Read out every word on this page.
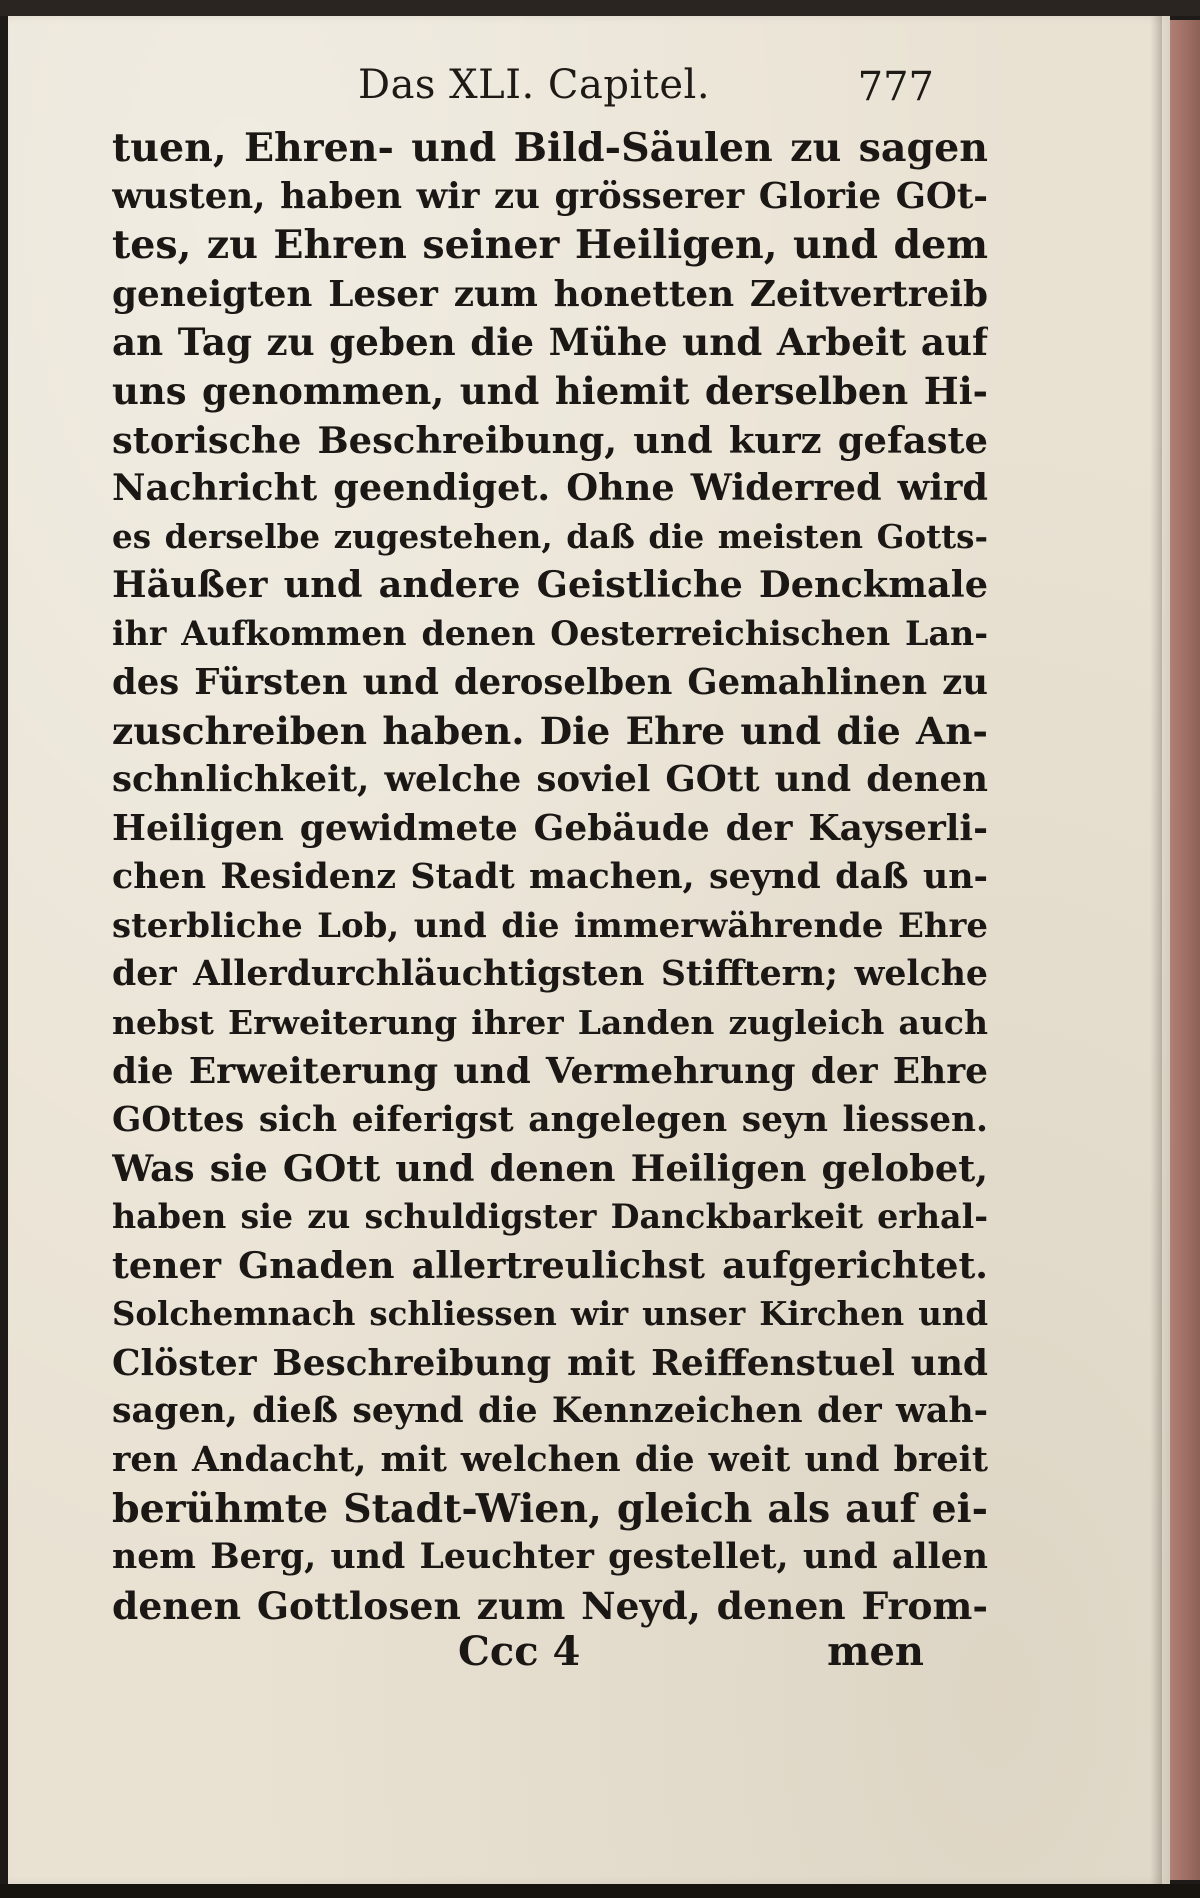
Das XLI. Capitel.	777
tuen, Ehren- und Bild-Säulen zu sagen
wusten, haben wir zu grösserer Glorie GOt-
tes, zu Ehren seiner Heiligen, und dem
geneigten Leser zum honetten Zeitvertreib
an Tag zu geben die Mühe und Arbeit auf
uns genommen, und hiemit derselben Hi-
storische Beschreibung, und kurz gefaste
Nachricht geendiget. Ohne Widerred wird
es derselbe zugestehen, daß die meisten Gotts-
Häußer und andere Geistliche Denckmale
ihr Aufkommen denen Oesterreichischen Lan-
des Fürsten und deroselben Gemahlinen zu
zuschreiben haben. Die Ehre und die An-
schnlichkeit, welche soviel GOtt und denen
Heiligen gewidmete Gebäude der Kayserli-
chen Residenz Stadt machen, seynd daß un-
sterbliche Lob, und die immerwährende Ehre
der Allerdurchläuchtigsten Stifftern; welche
nebst Erweiterung ihrer Landen zugleich auch
die Erweiterung und Vermehrung der Ehre
GOttes sich eiferigst angelegen seyn liessen.
Was sie GOtt und denen Heiligen gelobet,
haben sie zu schuldigster Danckbarkeit erhal-
tener Gnaden allertreulichst aufgerichtet.
Solchemnach schliessen wir unser Kirchen und
Clöster Beschreibung mit Reiffenstuel und
sagen, dieß seynd die Kennzeichen der wah-
ren Andacht, mit welchen die weit und breit
berühmte Stadt-Wien, gleich als auf ei-
nem Berg, und Leuchter gestellet, und allen
denen Gottlosen zum Neyd, denen From-
Ccc 4	men
